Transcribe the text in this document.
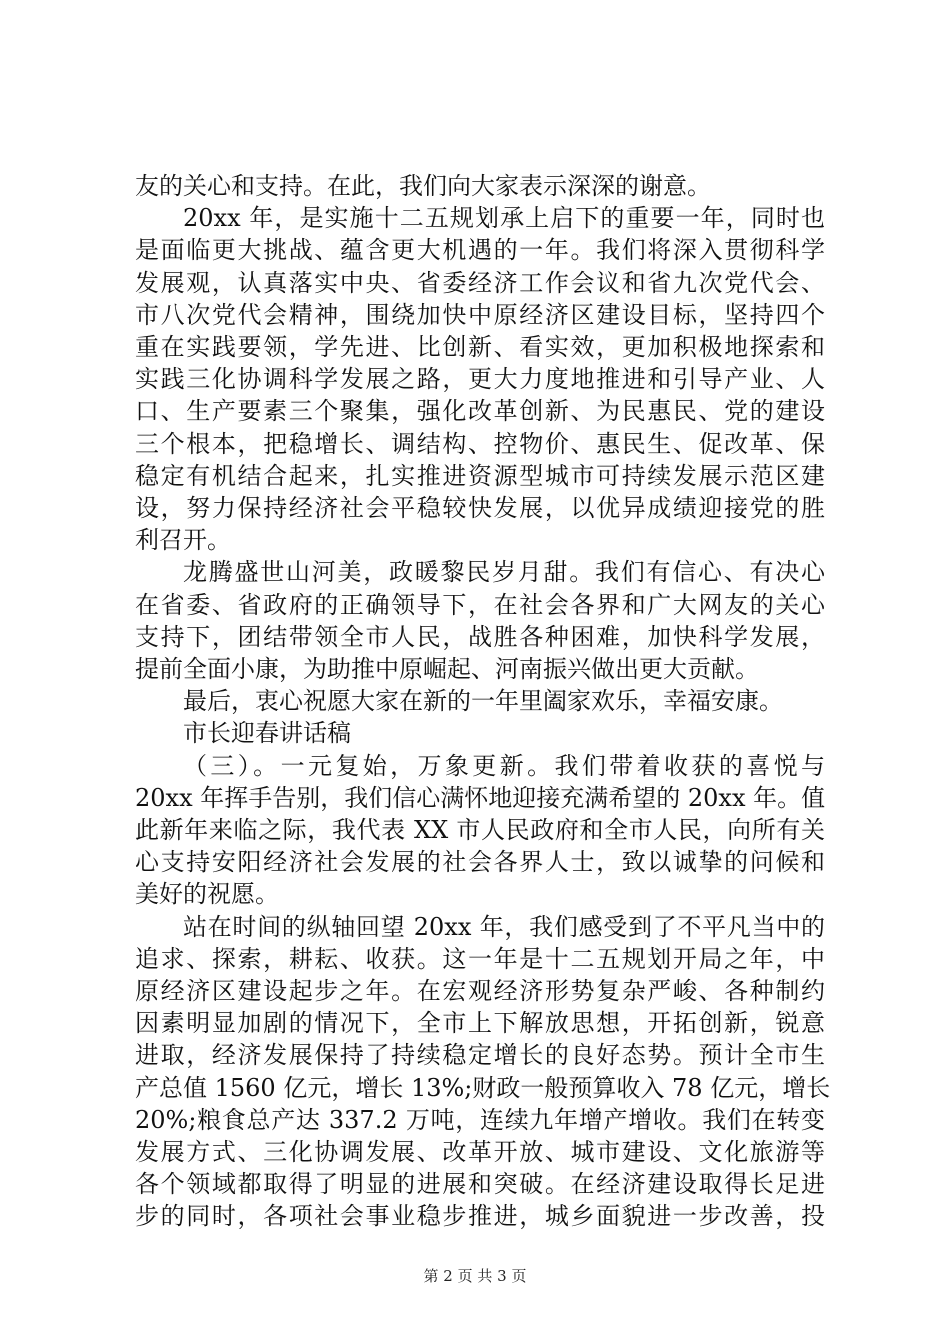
友的关心和支持。在此，我们向大家表示深深的谢意。
20xx 年，是实施十二五规划承上启下的重要一年，同时也
是面临更大挑战、蕴含更大机遇的一年。我们将深入贯彻科学
发展观，认真落实中央、省委经济工作会议和省九次党代会、
市八次党代会精神，围绕加快中原经济区建设目标，坚持四个
重在实践要领，学先进、比创新、看实效，更加积极地探索和
实践三化协调科学发展之路，更大力度地推进和引导产业、人
口、生产要素三个聚集，强化改革创新、为民惠民、党的建设
三个根本，把稳增长、调结构、控物价、惠民生、促改革、保
稳定有机结合起来，扎实推进资源型城市可持续发展示范区建
设，努力保持经济社会平稳较快发展，以优异成绩迎接党的胜
利召开。
龙腾盛世山河美，政暖黎民岁月甜。我们有信心、有决心
在省委、省政府的正确领导下，在社会各界和广大网友的关心
支持下，团结带领全市人民，战胜各种困难，加快科学发展，
提前全面小康，为助推中原崛起、河南振兴做出更大贡献。
最后，衷心祝愿大家在新的一年里阖家欢乐，幸福安康。
市长迎春讲话稿
（三）。一元复始，万象更新。我们带着收获的喜悦与
20xx 年挥手告别，我们信心满怀地迎接充满希望的 20xx 年。值
此新年来临之际，我代表 XX 市人民政府和全市人民，向所有关
心支持安阳经济社会发展的社会各界人士，致以诚挚的问候和
美好的祝愿。
站在时间的纵轴回望 20xx 年，我们感受到了不平凡当中的
追求、探索，耕耘、收获。这一年是十二五规划开局之年，中
原经济区建设起步之年。在宏观经济形势复杂严峻、各种制约
因素明显加剧的情况下，全市上下解放思想，开拓创新，锐意
进取，经济发展保持了持续稳定增长的良好态势。预计全市生
产总值 1560 亿元，增长 13%;财政一般预算收入 78 亿元，增长
20%;粮食总产达 337.2 万吨，连续九年增产增收。我们在转变
发展方式、三化协调发展、改革开放、城市建设、文化旅游等
各个领域都取得了明显的进展和突破。在经济建设取得长足进
步的同时，各项社会事业稳步推进，城乡面貌进一步改善，投
第 2 页 共 3 页
